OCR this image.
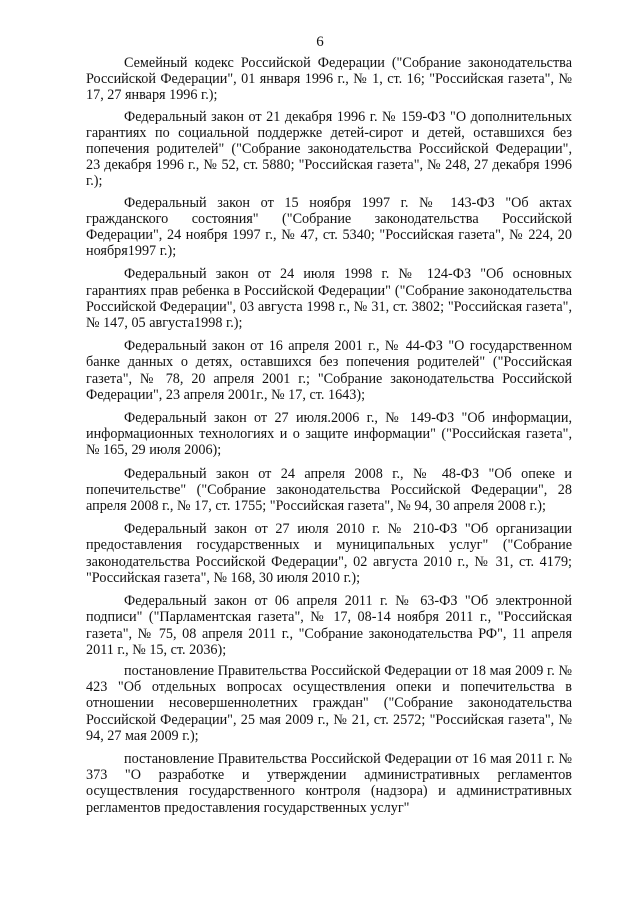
6

Семейный кодекс Российской Федерации ("Собрание законодательства Российской Федерации", 01 января 1996 г., № 1, ст. 16; "Российская газета", № 17, 27 января 1996 г.);

Федеральный закон от 21 декабря 1996 г. № 159-ФЗ "О дополнительных гарантиях по социальной поддержке детей-сирот и детей, оставшихся без попечения родителей" ("Собрание законодательства Российской Федерации", 23 декабря 1996 г., № 52, ст. 5880; "Российская газета", № 248, 27 декабря 1996 г.);

Федеральный закон от 15 ноября 1997 г. № 143-ФЗ "Об актах гражданского состояния" ("Собрание законодательства Российской Федерации", 24 ноября 1997 г., № 47, ст. 5340; "Российская газета", № 224, 20 ноября1997 г.);

Федеральный закон от 24 июля 1998 г. № 124-ФЗ "Об основных гарантиях прав ребенка в Российской Федерации" ("Собрание законодательства Российской Федерации", 03 августа 1998 г., № 31, ст. 3802; "Российская газета", № 147, 05 августа1998 г.);

Федеральный закон от 16 апреля 2001 г., № 44-ФЗ "О государственном банке данных о детях, оставшихся без попечения родителей" ("Российская газета", № 78, 20 апреля 2001 г.; "Собрание законодательства Российской Федерации", 23 апреля 2001г., № 17, ст. 1643);

Федеральный закон от 27 июля.2006 г., № 149-ФЗ "Об информации, информационных технологиях и о защите информации" ("Российская газета", № 165, 29 июля 2006);

Федеральный закон от 24 апреля 2008 г., № 48-ФЗ "Об опеке и попечительстве" ("Собрание законодательства Российской Федерации", 28 апреля 2008 г., № 17, ст. 1755; "Российская газета", № 94, 30 апреля 2008 г.);

Федеральный закон от 27 июля 2010 г. № 210-ФЗ "Об организации предоставления государственных и муниципальных услуг" ("Собрание законодательства Российской Федерации", 02 августа 2010 г., № 31, ст. 4179; "Российская газета", № 168, 30 июля 2010 г.);

Федеральный закон от 06 апреля 2011 г. № 63-ФЗ "Об электронной подписи" ("Парламентская газета", № 17, 08-14 ноября 2011 г., "Российская газета", № 75, 08 апреля 2011 г., "Собрание законодательства РФ", 11 апреля 2011 г., № 15, ст. 2036);

постановление Правительства Российской Федерации от 18 мая 2009 г. № 423 "Об отдельных вопросах осуществления опеки и попечительства в отношении несовершеннолетних граждан" ("Собрание законодательства Российской Федерации", 25 мая 2009 г., № 21, ст. 2572; "Российская газета", № 94, 27 мая 2009 г.);

постановление Правительства Российской Федерации от 16 мая 2011 г. № 373 "О разработке и утверждении административных регламентов осуществления государственного контроля (надзора) и административных регламентов предоставления государственных услуг"
